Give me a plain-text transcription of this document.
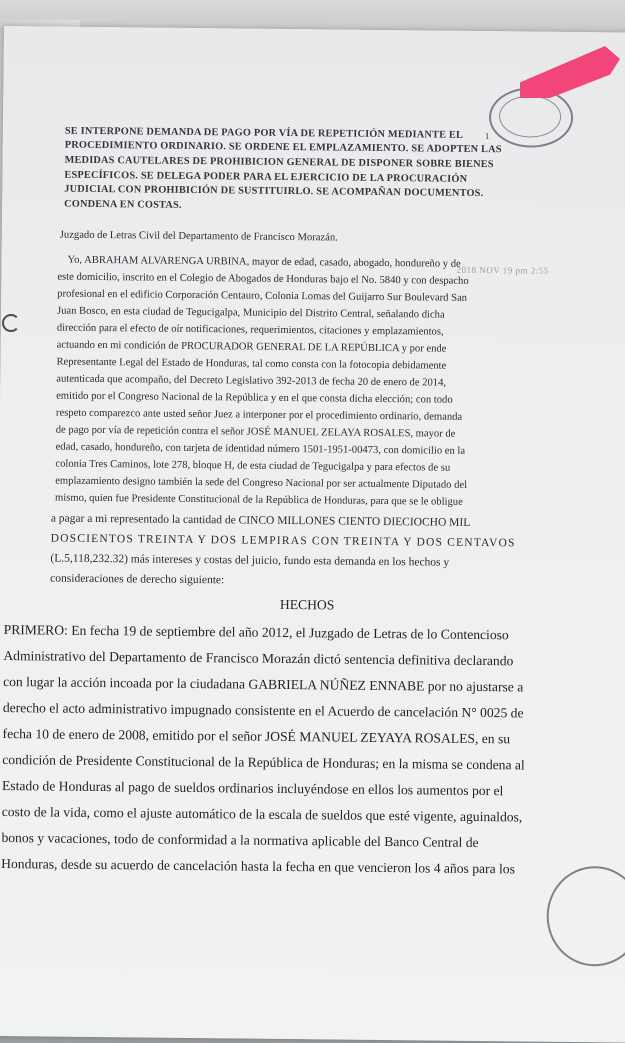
1
SE INTERPONE DEMANDA DE PAGO POR VÍA DE REPETICIÓN MEDIANTE EL
PROCEDIMIENTO ORDINARIO. SE ORDENE EL EMPLAZAMIENTO. SE ADOPTEN LAS
MEDIDAS CAUTELARES DE PROHIBICION GENERAL DE DISPONER SOBRE BIENES
ESPECÍFICOS. SE DELEGA PODER PARA EL EJERCICIO DE LA PROCURACIÓN
JUDICIAL CON PROHIBICIÓN DE SUSTITUIRLO. SE ACOMPAÑAN DOCUMENTOS.
CONDENA EN COSTAS.
Juzgado de Letras Civil del Departamento de Francisco Morazán.
2018 NOV 19 pm 2:55
Yo, ABRAHAM ALVARENGA URBINA, mayor de edad, casado, abogado, hondureño y de
este domicilio, inscrito en el Colegio de Abogados de Honduras bajo el No. 5840 y con despacho
profesional en el edificio Corporación Centauro, Colonia Lomas del Guijarro Sur Boulevard San
Juan Bosco, en esta ciudad de Tegucigalpa, Municipio del Distrito Central, señalando dicha
dirección para el efecto de oír notificaciones, requerimientos, citaciones y emplazamientos,
actuando en mi condición de PROCURADOR GENERAL DE LA REPÚBLICA y por ende
Representante Legal del Estado de Honduras, tal como consta con la fotocopia debidamente
autenticada que acompaño, del Decreto Legislativo 392-2013 de fecha 20 de enero de 2014,
emitido por el Congreso Nacional de la República y en el que consta dicha elección; con todo
respeto comparezco ante usted señor Juez a interponer por el procedimiento ordinario, demanda
de pago por vía de repetición contra el señor JOSÉ MANUEL ZELAYA ROSALES, mayor de
edad, casado, hondureño, con tarjeta de identidad número 1501-1951-00473, con domicilio en la
colonia Tres Caminos, lote 278, bloque H, de esta ciudad de Tegucigalpa y para efectos de su
emplazamiento designo también la sede del Congreso Nacional por ser actualmente Diputado del
mismo, quien fue Presidente Constitucional de la República de Honduras, para que se le obligue
a pagar a mi representado la cantidad de CINCO MILLONES CIENTO DIECIOCHO MIL
DOSCIENTOS TREINTA Y DOS LEMPIRAS CON TREINTA Y DOS CENTAVOS
(L.5,118,232.32) más intereses y costas del juicio, fundo esta demanda en los hechos y
consideraciones de derecho siguiente:
HECHOS
PRIMERO: En fecha 19 de septiembre del año 2012, el Juzgado de Letras de lo Contencioso
Administrativo del Departamento de Francisco Morazán dictó sentencia definitiva declarando
con lugar la acción incoada por la ciudadana GABRIELA NÚÑEZ ENNABE por no ajustarse a
derecho el acto administrativo impugnado consistente en el Acuerdo de cancelación N° 0025 de
fecha 10 de enero de 2008, emitido por el señor JOSÉ MANUEL ZEYAYA ROSALES, en su
condición de Presidente Constitucional de la República de Honduras; en la misma se condena al
Estado de Honduras al pago de sueldos ordinarios incluyéndose en ellos los aumentos por el
costo de la vida, como el ajuste automático de la escala de sueldos que esté vigente, aguinaldos,
bonos y vacaciones, todo de conformidad a la normativa aplicable del Banco Central de
Honduras, desde su acuerdo de cancelación hasta la fecha en que vencieron los 4 años para los
